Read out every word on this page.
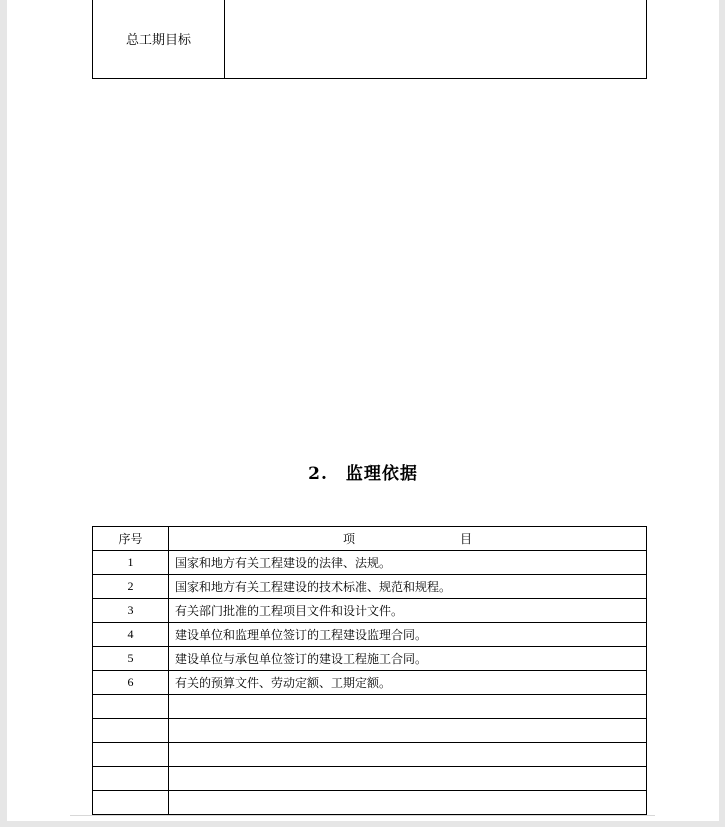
总工期目标	
2. 监理依据
序号	项 目
1	国家和地方有关工程建设的法律、法规。
2	国家和地方有关工程建设的技术标准、规范和规程。
3	有关部门批准的工程项目文件和设计文件。
4	建设单位和监理单位签订的工程建设监理合同。
5	建设单位与承包单位签订的建设工程施工合同。
6	有关的预算文件、劳动定额、工期定额。
